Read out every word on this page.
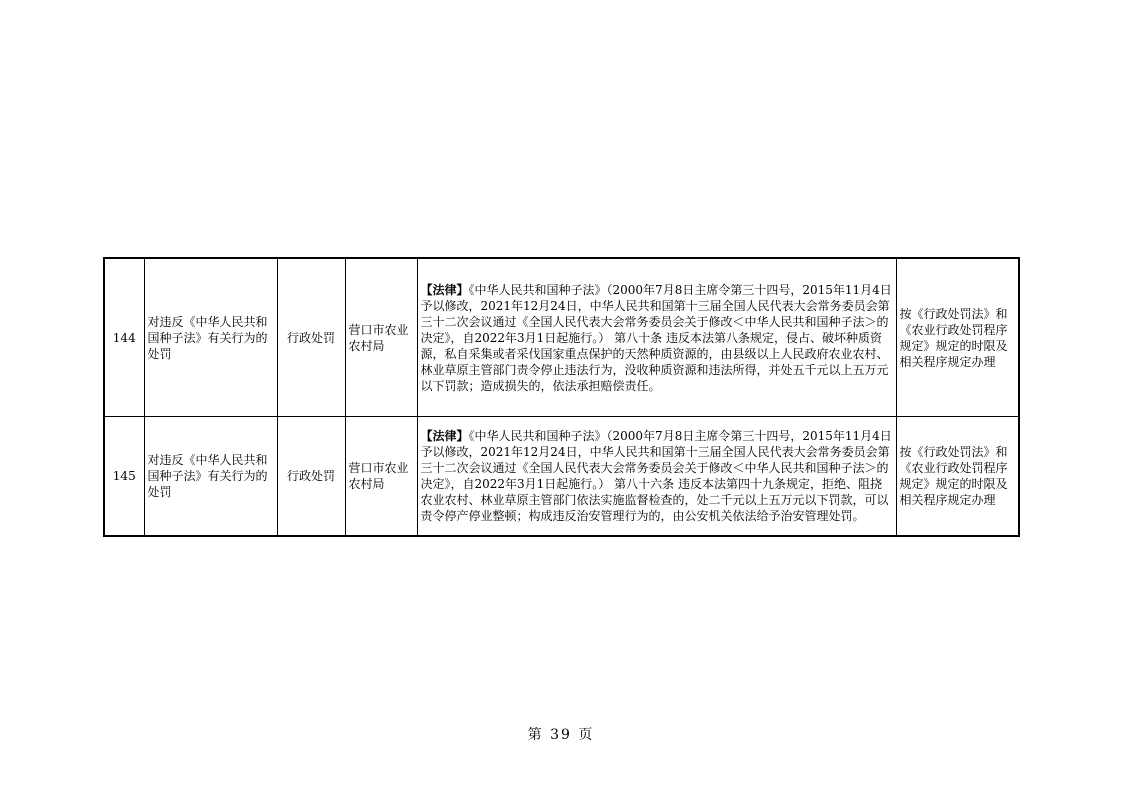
144	对违反《中华人民共和国种子法》有关行为的处罚	行政处罚	营口市农业农村局	【法律】《中华人民共和国种子法》（2000年7月8日主席令第三十四号，2015年11月4日予以修改，2021年12月24日，中华人民共和国第十三届全国人民代表大会常务委员会第三十二次会议通过《全国人民代表大会常务委员会关于修改＜中华人民共和国种子法＞的决定》，自2022年3月1日起施行。） 第八十条 违反本法第八条规定，侵占、破坏种质资源，私自采集或者采伐国家重点保护的天然种质资源的，由县级以上人民政府农业农村、林业草原主管部门责令停止违法行为，没收种质资源和违法所得，并处五千元以上五万元以下罚款；造成损失的，依法承担赔偿责任。	按《行政处罚法》和《农业行政处罚程序规定》规定的时限及相关程序规定办理
145	对违反《中华人民共和国种子法》有关行为的处罚	行政处罚	营口市农业农村局	【法律】《中华人民共和国种子法》（2000年7月8日主席令第三十四号，2015年11月4日予以修改，2021年12月24日，中华人民共和国第十三届全国人民代表大会常务委员会第三十二次会议通过《全国人民代表大会常务委员会关于修改＜中华人民共和国种子法＞的决定》，自2022年3月1日起施行。） 第八十六条 违反本法第四十九条规定，拒绝、阻挠农业农村、林业草原主管部门依法实施监督检查的，处二千元以上五万元以下罚款，可以责令停产停业整顿；构成违反治安管理行为的，由公安机关依法给予治安管理处罚。	按《行政处罚法》和《农业行政处罚程序规定》规定的时限及相关程序规定办理
第 39 页
